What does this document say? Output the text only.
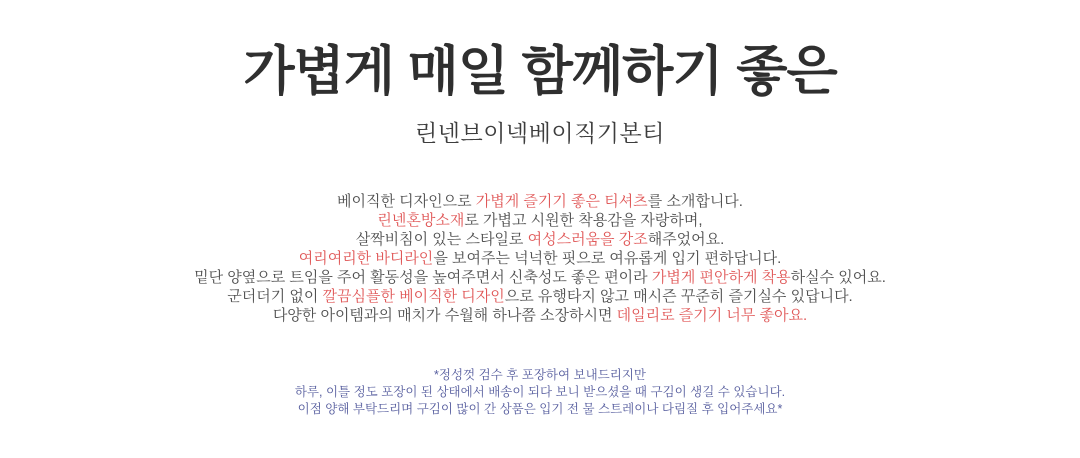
가볍게 매일 함께하기 좋은
린넨브이넥베이직기본티
베이직한 디자인으로 가볍게 즐기기 좋은 티셔츠를 소개합니다.
린넨혼방소재로 가볍고 시원한 착용감을 자랑하며,
살짝비침이 있는 스타일로 여성스러움을 강조해주었어요.
여리여리한 바디라인을 보여주는 넉넉한 핏으로 여유롭게 입기 편하답니다.
밑단 양옆으로 트임을 주어 활동성을 높여주면서 신축성도 좋은 편이라 가볍게 편안하게 착용하실수 있어요.
군더더기 없이 깔끔심플한 베이직한 디자인으로 유행타지 않고 매시즌 꾸준히 즐기실수 있답니다.
다양한 아이템과의 매치가 수월해 하나쯤 소장하시면 데일리로 즐기기 너무 좋아요.
*정성껏 검수 후 포장하여 보내드리지만
하루, 이틀 정도 포장이 된 상태에서 배송이 되다 보니 받으셨을 때 구김이 생길 수 있습니다.
이점 양해 부탁드리며 구김이 많이 간 상품은 입기 전 물 스트레이나 다림질 후 입어주세요*
